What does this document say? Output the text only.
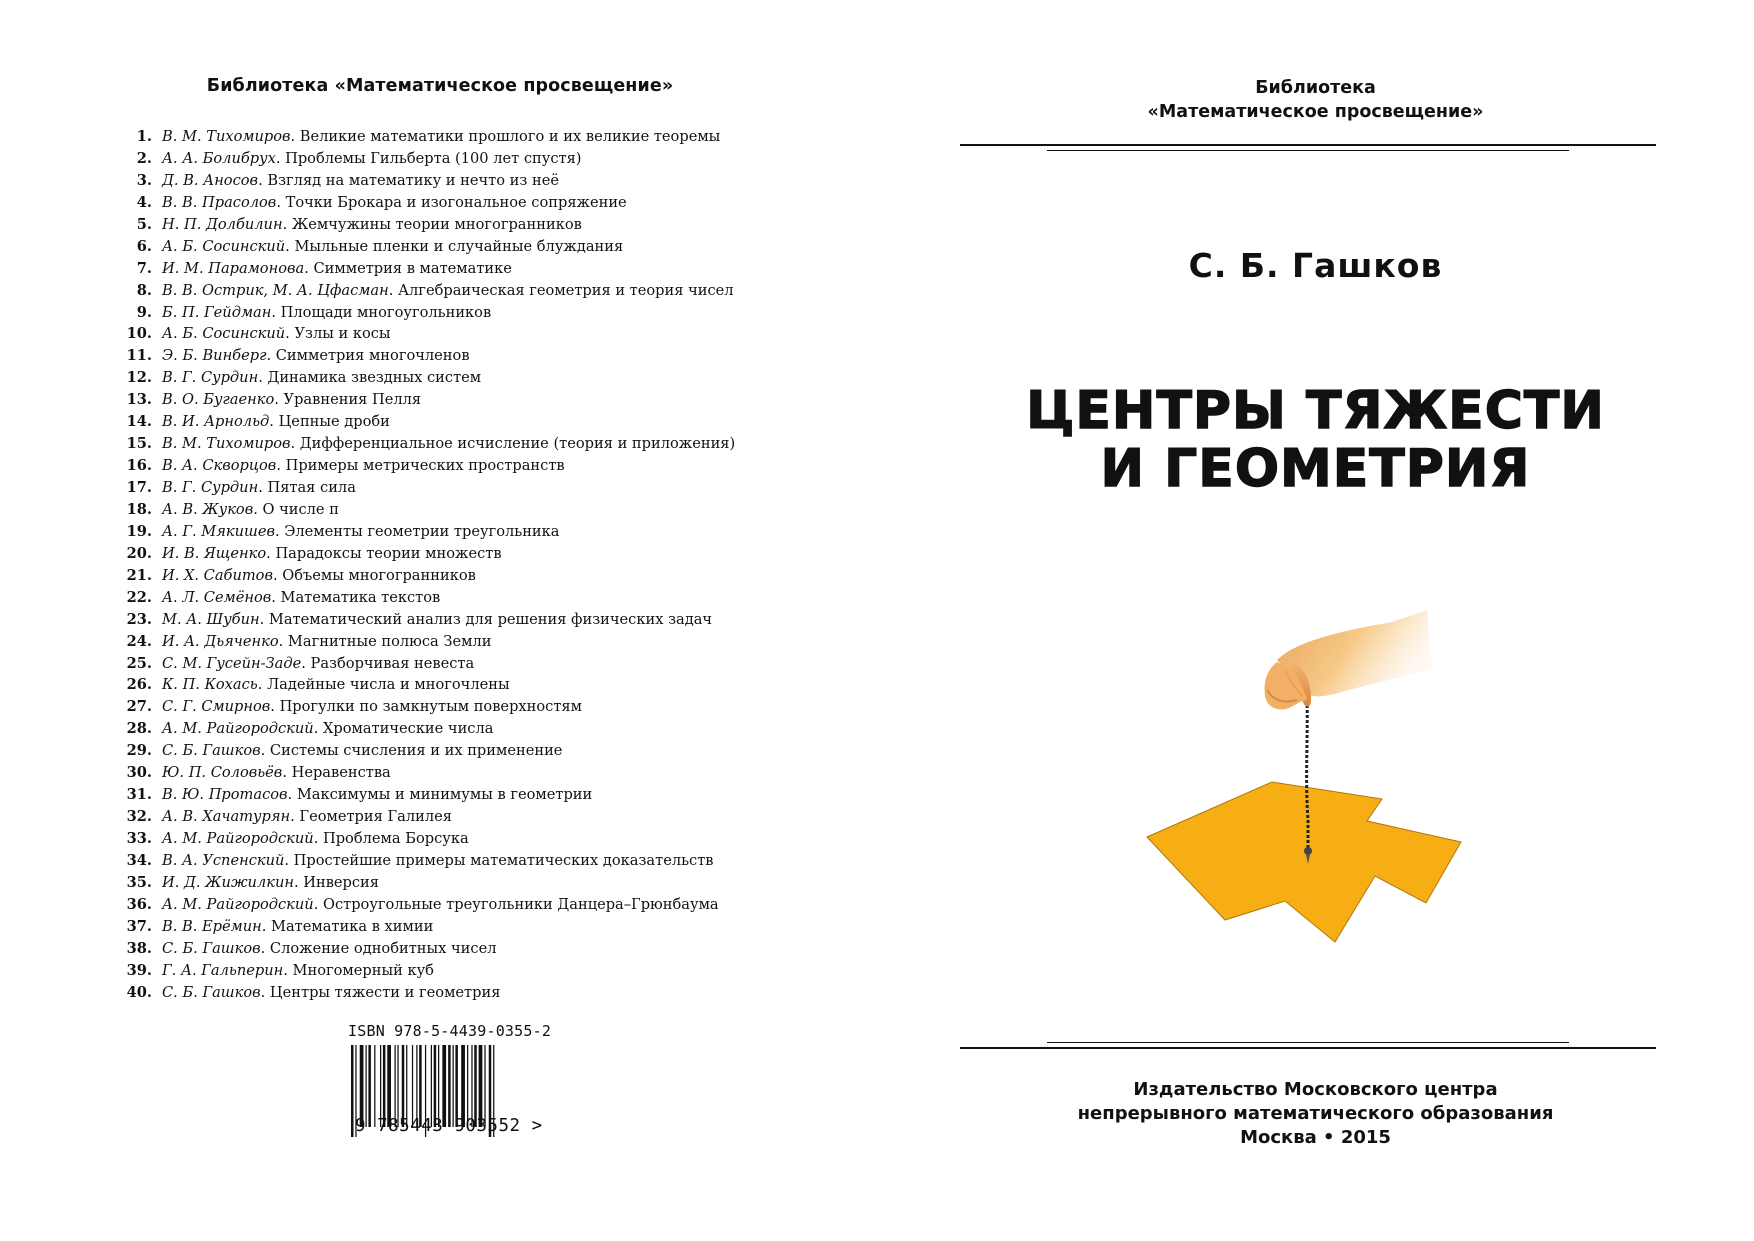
Библиотека «Математическое просвещение»
1. В. М. Тихомиров. Великие математики прошлого и их великие теоремы
2. А. А. Болибрух. Проблемы Гильберта (100 лет спустя)
3. Д. В. Аносов. Взгляд на математику и нечто из неё
4. В. В. Прасолов. Точки Брокара и изогональное сопряжение
5. Н. П. Долбилин. Жемчужины теории многогранников
6. А. Б. Сосинский. Мыльные пленки и случайные блуждания
7. И. М. Парамонова. Симметрия в математике
8. В. В. Острик, М. А. Цфасман. Алгебраическая геометрия и теория чисел
9. Б. П. Гейдман. Площади многоугольников
10. А. Б. Сосинский. Узлы и косы
11. Э. Б. Винберг. Симметрия многочленов
12. В. Г. Сурдин. Динамика звездных систем
13. В. О. Бугаенко. Уравнения Пелля
14. В. И. Арнольд. Цепные дроби
15. В. М. Тихомиров. Дифференциальное исчисление (теория и приложения)
16. В. А. Скворцов. Примеры метрических пространств
17. В. Г. Сурдин. Пятая сила
18. А. В. Жуков. О числе π
19. А. Г. Мякишев. Элементы геометрии треугольника
20. И. В. Ященко. Парадоксы теории множеств
21. И. Х. Сабитов. Объемы многогранников
22. А. Л. Семёнов. Математика текстов
23. М. А. Шубин. Математический анализ для решения физических задач
24. И. А. Дьяченко. Магнитные полюса Земли
25. С. М. Гусейн-Заде. Разборчивая невеста
26. К. П. Кохась. Ладейные числа и многочлены
27. С. Г. Смирнов. Прогулки по замкнутым поверхностям
28. А. М. Райгородский. Хроматические числа
29. С. Б. Гашков. Системы счисления и их применение
30. Ю. П. Соловьёв. Неравенства
31. В. Ю. Протасов. Максимумы и минимумы в геометрии
32. А. В. Хачатурян. Геометрия Галилея
33. А. М. Райгородский. Проблема Борсука
34. В. А. Успенский. Простейшие примеры математических доказательств
35. И. Д. Жижилкин. Инверсия
36. А. М. Райгородский. Остроугольные треугольники Данцера–Грюнбаума
37. В. В. Ерёмин. Математика в химии
38. С. Б. Гашков. Сложение однобитных чисел
39. Г. А. Гальперин. Многомерный куб
40. С. Б. Гашков. Центры тяжести и геометрия
ISBN 978-5-4439-0355-2
9 785443 903552 >
Библиотека
«Математическое просвещение»
С. Б. Гашков
ЦЕНТРЫ ТЯЖЕСТИ
И ГЕОМЕТРИЯ
Издательство Московского центра
непрерывного математического образования
Москва • 2015
